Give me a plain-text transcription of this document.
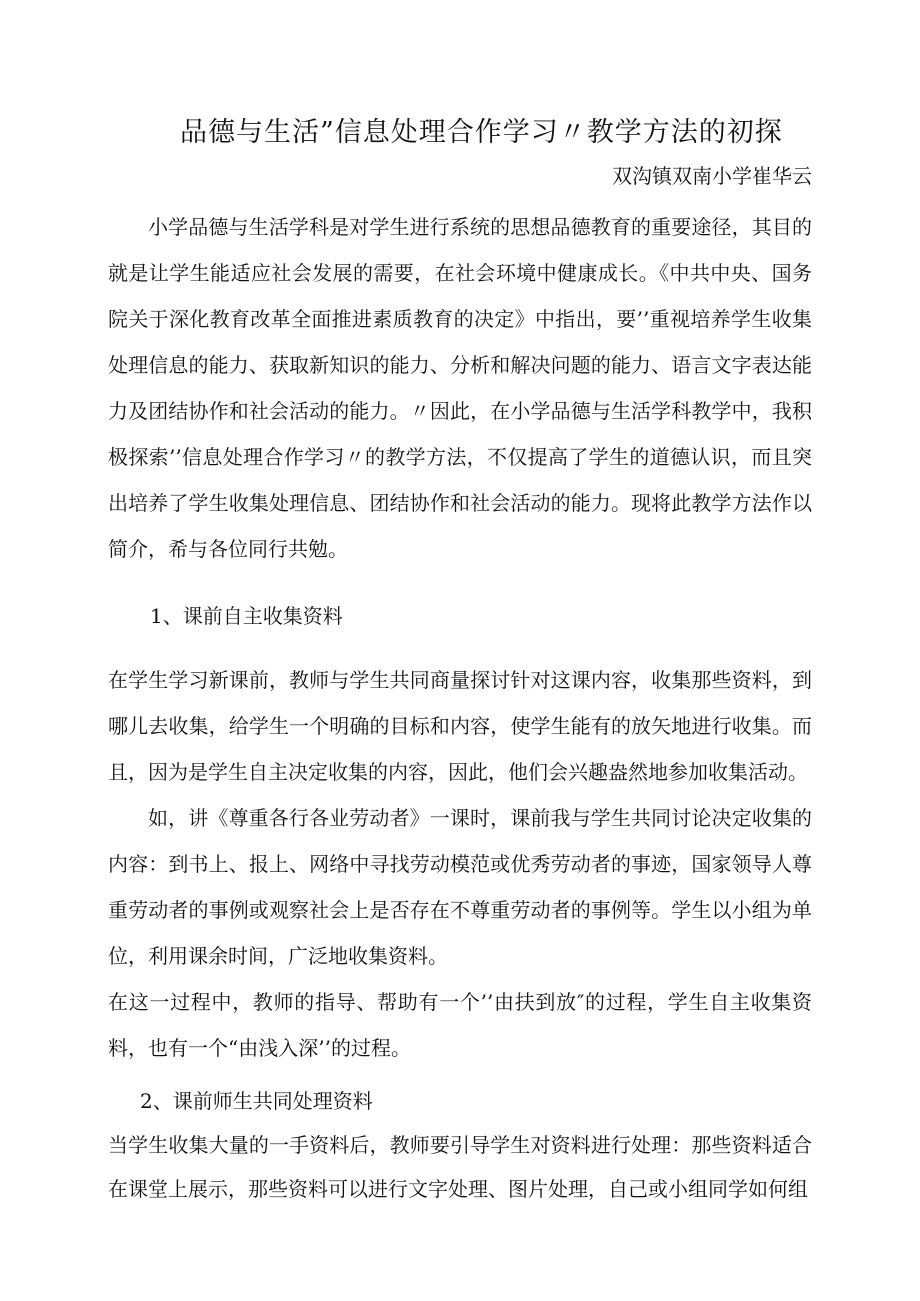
品德与生活”信息处理合作学习〃教学方法的初探
双沟镇双南小学崔华云

小学品德与生活学科是对学生进行系统的思想品德教育的重要途径，其目的就是让学生能适应社会发展的需要，在社会环境中健康成长。《中共中央、国务院关于深化教育改革全面推进素质教育的决定》中指出，要’’重视培养学生收集处理信息的能力、获取新知识的能力、分析和解决问题的能力、语言文字表达能力及团结协作和社会活动的能力。〃因此，在小学品德与生活学科教学中，我积极探索’’信息处理合作学习〃的教学方法，不仅提高了学生的道德认识，而且突出培养了学生收集处理信息、团结协作和社会活动的能力。现将此教学方法作以简介，希与各位同行共勉。

1、课前自主收集资料

在学生学习新课前，教师与学生共同商量探讨针对这课内容，收集那些资料，到哪儿去收集，给学生一个明确的目标和内容，使学生能有的放矢地进行收集。而且，因为是学生自主决定收集的内容，因此，他们会兴趣盎然地参加收集活动。

如，讲《尊重各行各业劳动者》一课时，课前我与学生共同讨论决定收集的内容：到书上、报上、网络中寻找劳动模范或优秀劳动者的事迹，国家领导人尊重劳动者的事例或观察社会上是否存在不尊重劳动者的事例等。学生以小组为单位，利用课余时间，广泛地收集资料。

在这一过程中，教师的指导、帮助有一个’’由扶到放″的过程，学生自主收集资料，也有一个“由浅入深’’的过程。

2、课前师生共同处理资料

当学生收集大量的一手资料后，教师要引导学生对资料进行处理：那些资料适合在课堂上展示，那些资料可以进行文字处理、图片处理，自己或小组同学如何组
